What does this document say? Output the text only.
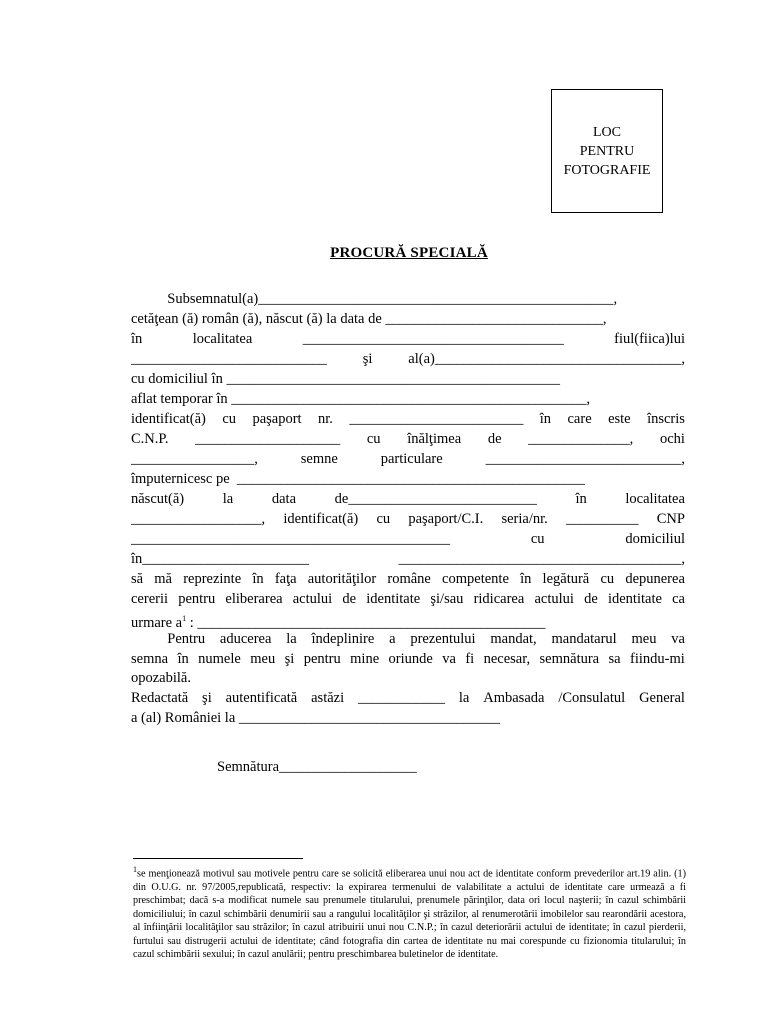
LOC
PENTRU
FOTOGRAFIE
PROCURĂ SPECIALĂ
Subsemnatul(a)_________________________________________________,
cetăţean (ă) român (ă), născut (ă) la data de ______________________________,
în	localitatea	____________________________________	fiul(fiica)lui
___________________________ şi al(a)__________________________________,
cu domiciliul în ______________________________________________
aflat temporar în _________________________________________________,
identificat(ă) cu paşaport nr. ________________________ în care este înscris
C.N.P. ____________________ cu înălţimea de ______________, ochi
_________________,	semne	particulare	___________________________,
împuternicesc pe  ________________________________________________
născut(ă)	la	data	de__________________________	în	localitatea
__________________, identificat(ă) cu paşaport/C.I. seria/nr. __________ CNP
____________________________________________	cu	domiciliul
în_______________________	_______________________________________,
să mă reprezinte în faţa autorităţilor române competente în legătură cu depunerea
cererii pentru eliberarea actului de identitate şi/sau ridicarea actului de identitate ca
urmare $a^1$ : ________________________________________________
Pentru aducerea la îndeplinire a prezentului mandat, mandatarul meu va
semna în numele meu şi pentru mine oriunde va fi necesar, semnătura sa fiindu-mi
opozabilă.
Redactată şi autentificată astăzi ____________ la Ambasada /Consulatul General
a (al) României la ____________________________________
Semnătura___________________
$^1$se menţionează motivul sau motivele pentru care se solicită eliberarea unui nou act de identitate conform prevederilor art.19 alin. (1) din O.U.G. nr. 97/2005,republicată, respectiv: la expirarea termenului de valabilitate a actului de identitate care urmează a fi preschimbat; dacă s-a modificat numele sau prenumele titularului, prenumele părinţilor, data ori locul naşterii; în cazul schimbării domiciliului; în cazul schimbării denumirii sau a rangului localităţilor şi străzilor, al renumerotării imobilelor sau rearondării acestora, al înfiinţării localităţilor sau străzilor; în cazul atribuirii unui nou C.N.P.; în cazul deteriorării actului de identitate; în cazul pierderii, furtului sau distrugerii actului de identitate; când fotografia din cartea de identitate nu mai corespunde cu fizionomia titularului; în cazul schimbării sexului; în cazul anulării; pentru preschimbarea buletinelor de identitate.
